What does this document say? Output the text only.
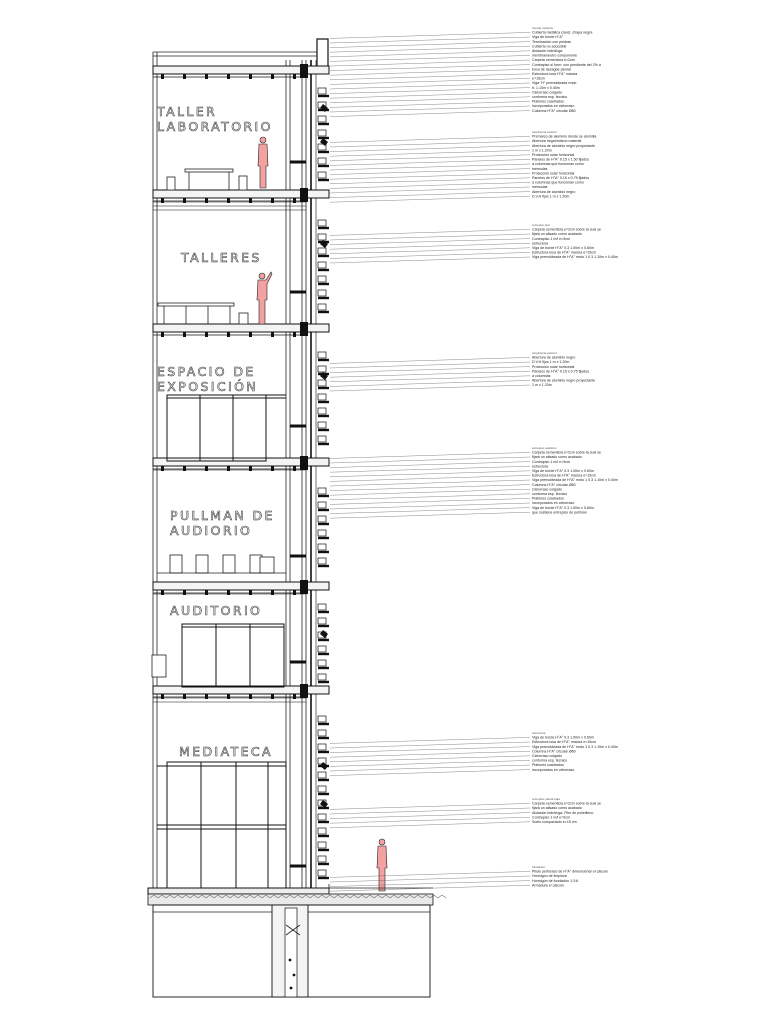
TALLER
LABORATORIO
TALLERES
ESPACIO DE
EXPOSICIÓN
PULLMAN DE
AUDIORIO
AUDITORIO
MEDIATECA
remate cubierta
Cubierta metálica c/ancl. chapa negra
Viga de borde H°A°
Terminación con piedras
Cubierta no accesible
Aislación hidrófuga
membrana/otro componente
Carpeta cementicia e=2cm
Contrapiso s/ form. con pendiente del 2% a
boca de desagüe pluvial
Estructura losa H°A° maciza
e=15cm
Viga "H" premoldeada rmdo
b: 1.10m x 0.40m
Cielorraso colgado
conforma esp. técnico
Plafones cuadrados
incorporados en cielorraso
Columna H°A° circular Ø60
carpintería exterior
Premarco de aluminio donde se atornilla
Abertura negro/mismo material
Abertura de aluminio negro proyectante
1 m x 1.20m
Protección solar horizontal
Paneles de H°A° 0.15 x 1.50 fijados
a columnas que funcionan como
ménsulas
Protección solar horizontal
Paneles de H°A° 0.15 x 0.75 fijados
a columnas que funcionan como
ménsulas
Abertura de aluminio negro
D.V.H fijos 1 m x 1.20m
entrepiso tipo
Carpeta cementicia e=2cm sobre la cual se
fijará un alisado como acabado
Contrapiso 1 m/l e=9cm
estructura
Viga de borde H°A° 0.3 1.00m x 0.60m
Estructura losa de H°A° maciza e=15cm
Viga premoldeada de H°A° rmdo 1 0.3 1.10m x 0.40m
carpintería exterior
Abertura de aluminio negro
D.V.H fijos 1 m x 1.20m
Protección solar horizontal
Paneles de H°A° 0.15 x 0.75 fijados
a columnas
Abertura de aluminio negro proyectante
1 m x 1.20m
entrepiso auditorio
Carpeta cementicia e=2cm sobre la cual se
fijará un alisado como acabado
Contrapiso 1 m/l e=9cm
estructura
Viga de borde H°A° 0.3 1.00m x 0.60m
Estructura losa de H°A° maciza e=15cm
Viga premoldeada de H°A° rmdo 1 0.3 1.10m x 0.40m
Columna H°A° circular Ø60
Cielorraso colgado
conforma esp. técnico
Plafones cuadrados
incorporados en cielorraso
Viga de borde H°A° 0.3 1.00m x 0.60m
que sostiene entrepiso de pullman
estructura
Viga de borde H°A° 0.3 1.00m x 0.60m
Estructura losa de H°A° maciza e=15cm
Viga premoldeada de H°A° rmdo 1 0.3 1.10m x 0.40m
Columna H°A° circular Ø60
Cielorraso colgado
conforma esp. técnico
Plafones cuadrados
incorporados en cielorraso
entrepiso planta baja
Carpeta cementicia e=2cm sobre la cual se
fijará un alisado como acabado
Aislación hidrófuga. Film de polietileno
Contrapiso 1 m/l e=9cm
Suelo compactado e=15 cm
fundación
Pilote perforado de H°A° dimensionar el cálculo
Hormigón de limpieza
Hormigón de fundación 1:3:6
Armadura s/ cálculo
